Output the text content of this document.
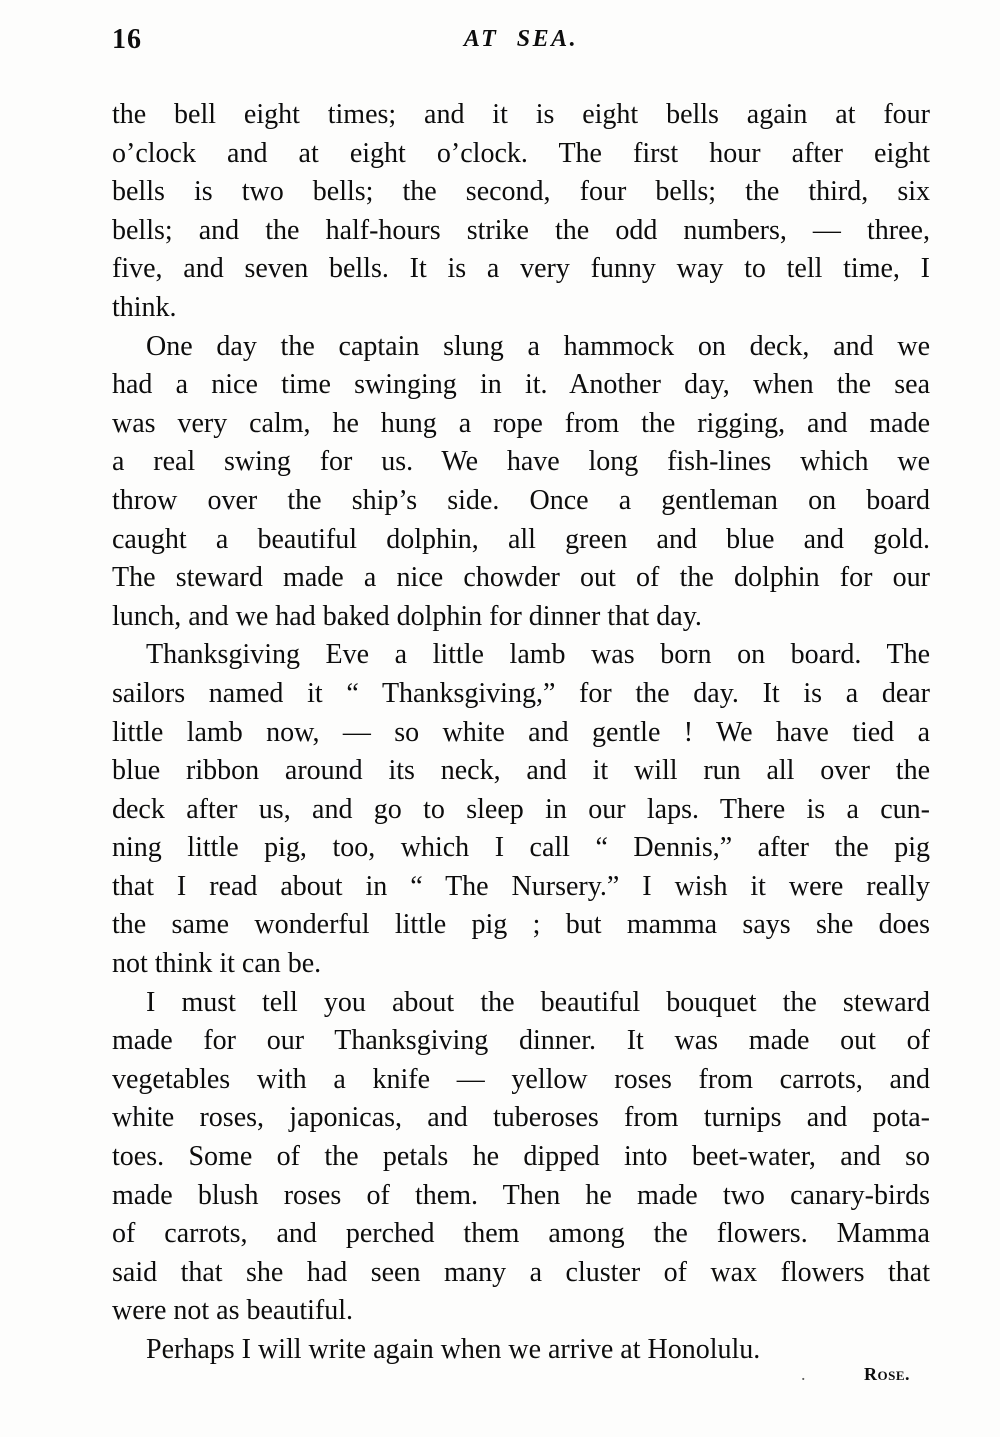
16	AT SEA.
the bell eight times; and it is eight bells again at four
o’clock and at eight o’clock. The first hour after eight
bells is two bells; the second, four bells; the third, six
bells; and the half-hours strike the odd numbers, — three,
five, and seven bells. It is a very funny way to tell time, I
think.
One day the captain slung a hammock on deck, and we
had a nice time swinging in it. Another day, when the sea
was very calm, he hung a rope from the rigging, and made
a real swing for us. We have long fish-lines which we
throw over the ship’s side. Once a gentleman on board
caught a beautiful dolphin, all green and blue and gold.
The steward made a nice chowder out of the dolphin for our
lunch, and we had baked dolphin for dinner that day.
Thanksgiving Eve a little lamb was born on board. The
sailors named it “ Thanksgiving,” for the day. It is a dear
little lamb now, — so white and gentle ! We have tied a
blue ribbon around its neck, and it will run all over the
deck after us, and go to sleep in our laps. There is a cun-
ning little pig, too, which I call “ Dennis,” after the pig
that I read about in “ The Nursery.” I wish it were really
the same wonderful little pig ; but mamma says she does
not think it can be.
I must tell you about the beautiful bouquet the steward
made for our Thanksgiving dinner. It was made out of
vegetables with a knife — yellow roses from carrots, and
white roses, japonicas, and tuberoses from turnips and pota-
toes. Some of the petals he dipped into beet-water, and so
made blush roses of them. Then he made two canary-birds
of carrots, and perched them among the flowers. Mamma
said that she had seen many a cluster of wax flowers that
were not as beautiful.
Perhaps I will write again when we arrive at Honolulu.
.	Rose.
